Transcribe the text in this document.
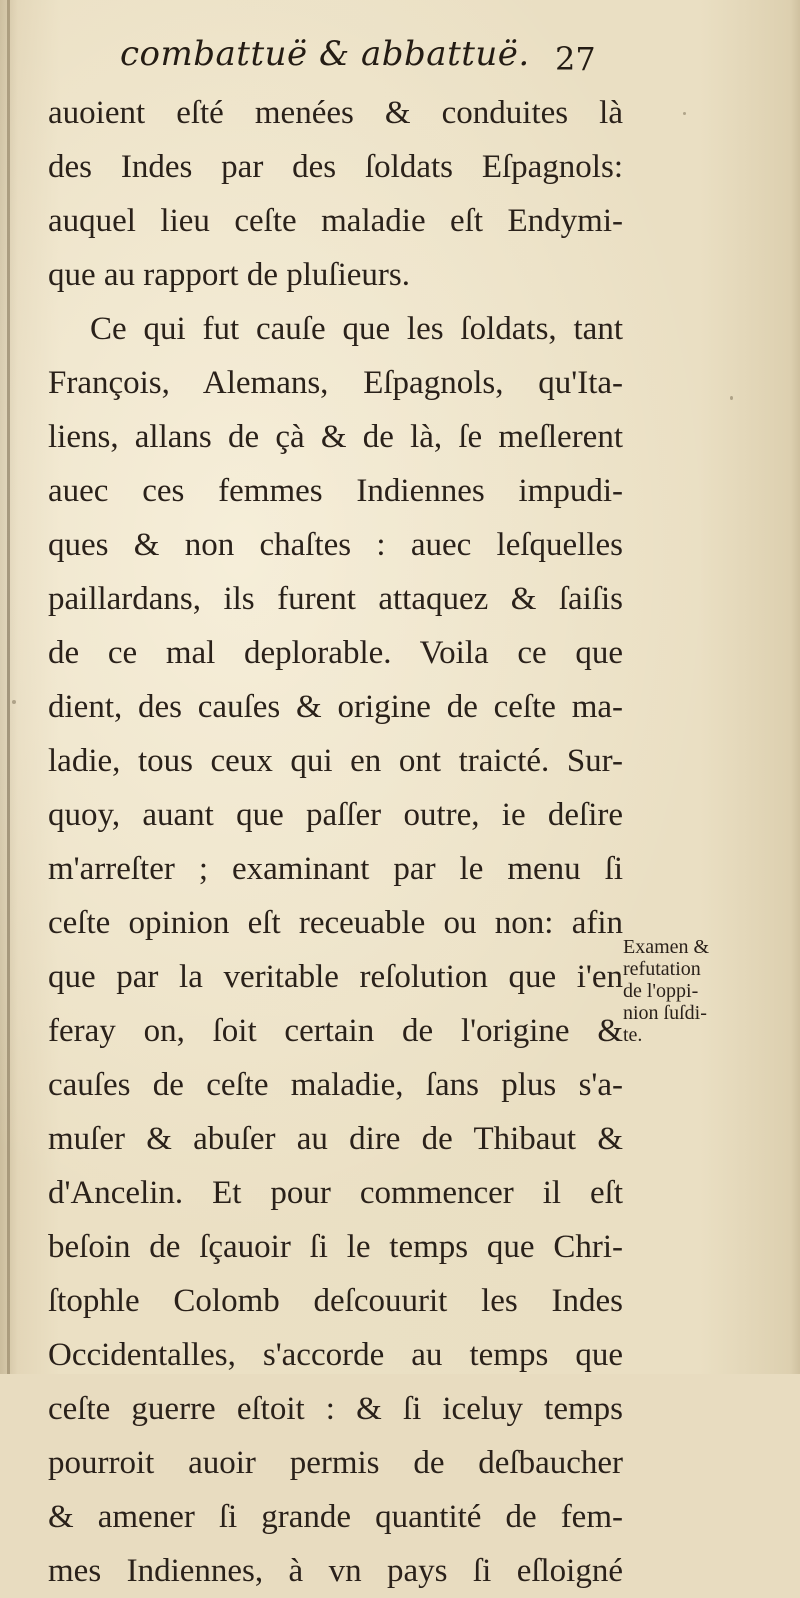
combattuë & abbattuë. 27
auoient eſté menées & conduites là
des Indes par des ſoldats Eſpagnols:
auquel lieu ceſte maladie eſt Endymi-
que au rapport de pluſieurs.
Ce qui fut cauſe que les ſoldats, tant
François, Alemans, Eſpagnols, qu'Ita-
liens, allans de çà & de là, ſe meſlerent
auec ces femmes Indiennes impudi-
ques & non chaſtes : auec leſquelles
paillardans, ils furent attaquez & ſaiſis
de ce mal deplorable. Voila ce que
dient, des cauſes & origine de ceſte ma-
ladie, tous ceux qui en ont traicté. Sur-
quoy, auant que paſſer outre, ie deſire
m'arreſter ; examinant par le menu ſi
ceſte opinion eſt receuable ou non: afin
que par la veritable reſolution que i'en
feray on, ſoit certain de l'origine &
cauſes de ceſte maladie, ſans plus s'a-
muſer & abuſer au dire de Thibaut &
d'Ancelin. Et pour commencer il eſt
beſoin de ſçauoir ſi le temps que Chri-
ſtophle Colomb deſcouurit les Indes
Occidentalles, s'accorde au temps que
ceſte guerre eſtoit : & ſi iceluy temps
pourroit auoir permis de deſbaucher
& amener ſi grande quantité de fem-
mes Indiennes, à vn pays ſi eſloigné
Examen &
refutation
de l'oppi-
nion ſuſdi-
te.
